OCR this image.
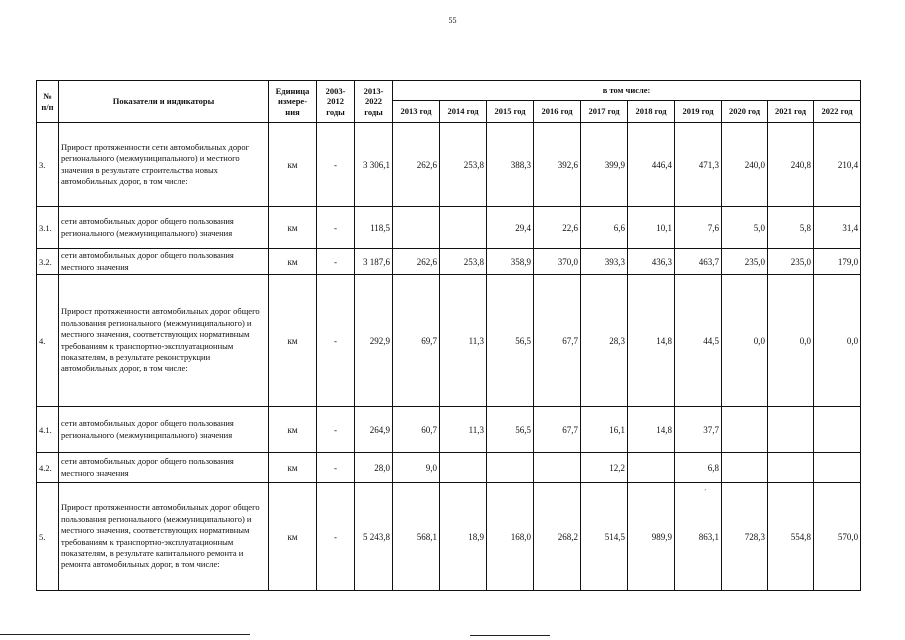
55
№ п/п	Показатели и индикаторы	Единица измере-ния	2003-2012 годы	2013-2022 годы	в том числе:									
					2013 год	2014 год	2015 год	2016 год	2017 год	2018 год	2019 год	2020 год	2021 год	2022 год
3.	Прирост протяженности сети автомобильных дорог регионального (межмуниципального) и местного значения в результате строительства новых автомобильных дорог, в том числе:	км	-	3 306,1	262,6	253,8	388,3	392,6	399,9	446,4	471,3	240,0	240,8	210,4
3.1.	сети автомобильных дорог общего пользования регионального (межмуниципального) значения	км	-	118,5			29,4	22,6	6,6	10,1	7,6	5,0	5,8	31,4
3.2.	сети автомобильных дорог общего пользования местного значения	км	-	3 187,6	262,6	253,8	358,9	370,0	393,3	436,3	463,7	235,0	235,0	179,0
4.	Прирост протяженности автомобильных дорог общего пользования регионального (межмуниципального) и местного значения, соответствующих нормативным требованиям к транспортно-эксплуатационным показателям, в результате реконструкции автомобильных дорог, в том числе:	км	-	292,9	69,7	11,3	56,5	67,7	28,3	14,8	44,5	0,0	0,0	0,0
4.1.	сети автомобильных дорог общего пользования регионального (межмуниципального) значения	км	-	264,9	60,7	11,3	56,5	67,7	16,1	14,8	37,7			
4.2.	сети автомобильных дорог общего пользования местного значения	км	-	28,0	9,0				12,2		6,8			
5.	Прирост протяженности автомобильных дорог общего пользования регионального (межмуниципального) и местного значения, соответствующих нормативным требованиям к транспортно-эксплуатационным показателям, в результате капитального ремонта и ремонта автомобильных дорог, в том числе:	км	-	5 243,8	568,1	18,9	168,0	268,2	514,5	989,9	863,1	728,3	554,8	570,0
´
